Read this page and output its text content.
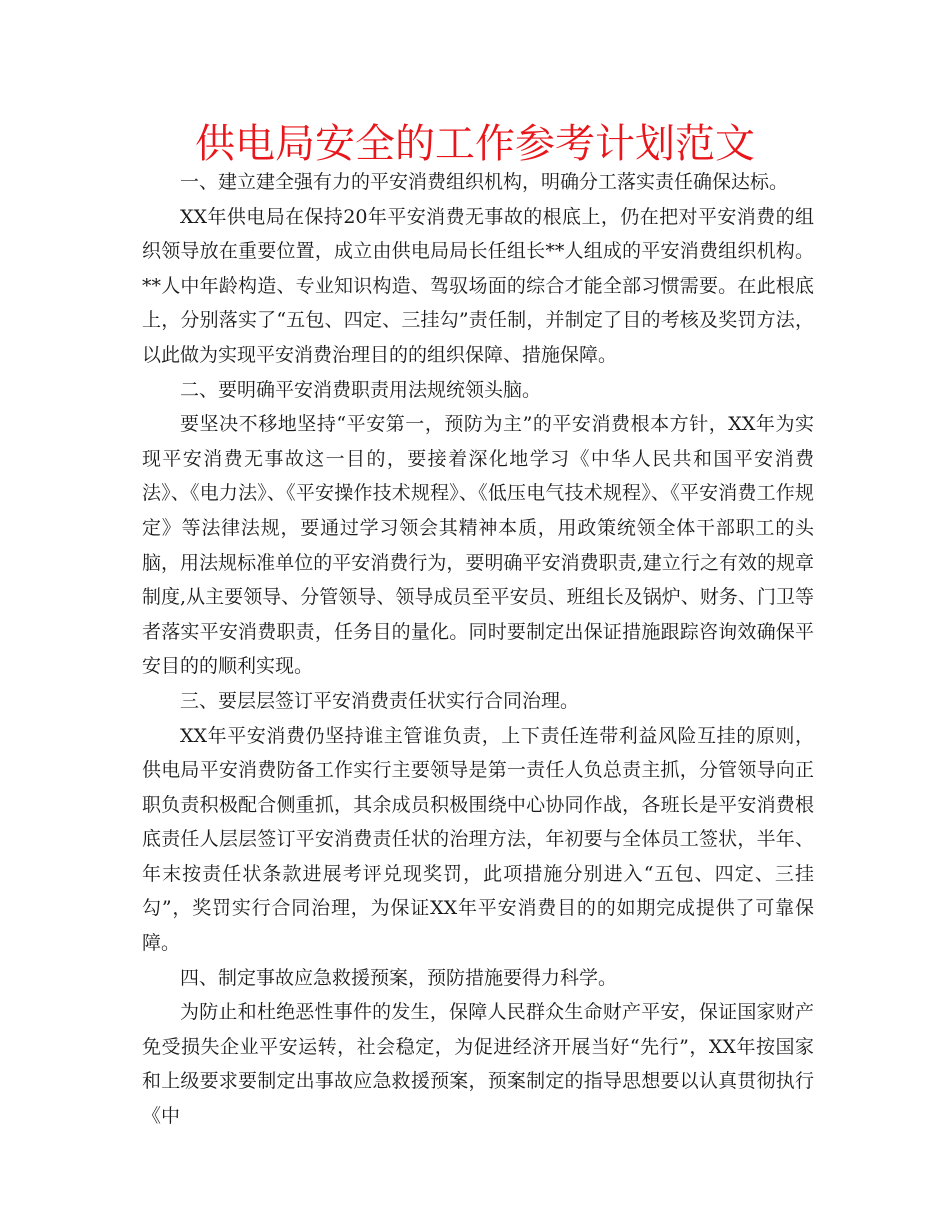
供电局安全的工作参考计划范文

一、建立建全强有力的平安消费组织机构，明确分工落实责任确保达标。

XX年供电局在保持20年平安消费无事故的根底上，仍在把对平安消费的组织领导放在重要位置，成立由供电局局长任组长**人组成的平安消费组织机构。**人中年龄构造、专业知识构造、驾驭场面的综合才能全部习惯需要。在此根底上，分别落实了“五包、四定、三挂勾”责任制，并制定了目的考核及奖罚方法，以此做为实现平安消费治理目的的组织保障、措施保障。

二、要明确平安消费职责用法规统领头脑。

要坚决不移地坚持“平安第一，预防为主”的平安消费根本方针，XX年为实现平安消费无事故这一目的，要接着深化地学习《中华人民共和国平安消费法》、《电力法》、《平安操作技术规程》、《低压电气技术规程》、《平安消费工作规定》等法律法规，要通过学习领会其精神本质，用政策统领全体干部职工的头脑，用法规标准单位的平安消费行为，要明确平安消费职责,建立行之有效的规章制度,从主要领导、分管领导、领导成员至平安员、班组长及锅炉、财务、门卫等者落实平安消费职责，任务目的量化。同时要制定出保证措施跟踪咨询效确保平安目的的顺利实现。

三、要层层签订平安消费责任状实行合同治理。

XX年平安消费仍坚持谁主管谁负责，上下责任连带利益风险互挂的原则，供电局平安消费防备工作实行主要领导是第一责任人负总责主抓，分管领导向正职负责积极配合侧重抓，其余成员积极围绕中心协同作战，各班长是平安消费根底责任人层层签订平安消费责任状的治理方法，年初要与全体员工签状，半年、年末按责任状条款进展考评兑现奖罚，此项措施分别进入“五包、四定、三挂勾”，奖罚实行合同治理，为保证XX年平安消费目的的如期完成提供了可靠保障。

四、制定事故应急救援预案，预防措施要得力科学。

为防止和杜绝恶性事件的发生，保障人民群众生命财产平安，保证国家财产免受损失企业平安运转，社会稳定，为促进经济开展当好“先行”，XX年按国家和上级要求要制定出事故应急救援预案，预案制定的指导思想要以认真贯彻执行《中
